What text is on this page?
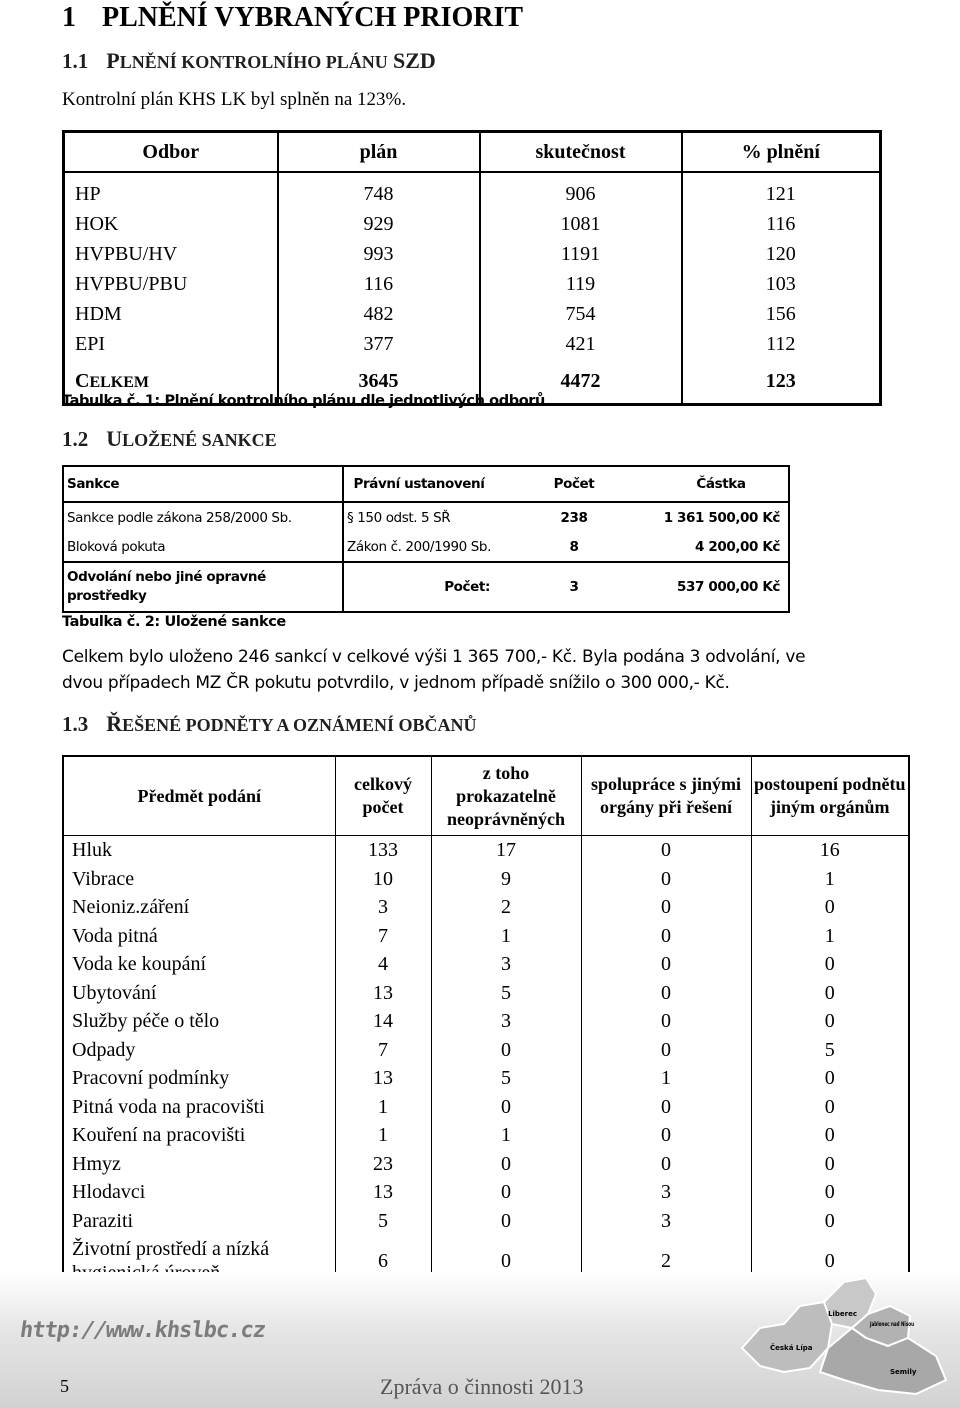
1 PLNĚNÍ VYBRANÝCH PRIORIT
1.1 PLNĚNÍ KONTROLNÍHO PLÁNU SZD
Kontrolní plán KHS LK byl splněn na 123%.
Odbor	plán	skutečnost	% plnění
HP	748	906	121
HOK	929	1081	116
HVPBU/HV	993	1191	120
HVPBU/PBU	116	119	103
HDM	482	754	156
EPI	377	421	112
CELKEM	3645	4472	123
Tabulka č. 1: Plnění kontrolního plánu dle jednotlivých odborů
1.2 ULOŽENÉ SANKCE
Sankce	Právní ustanovení	Počet	Částka
Sankce podle zákona 258/2000 Sb.	§ 150 odst. 5 SŘ	238	1 361 500,00 Kč
Bloková pokuta	Zákon č. 200/1990 Sb.	8	4 200,00 Kč
Odvolání nebo jiné opravné prostředky	Počet:	3	537 000,00 Kč
Tabulka č. 2: Uložené sankce
Celkem bylo uloženo 246 sankcí v celkové výši 1 365 700,- Kč. Byla podána 3 odvolání, ve
dvou případech MZ ČR pokutu potvrdilo, v jednom případě snížilo o 300 000,- Kč.
1.3 ŘEŠENÉ PODNĚTY A OZNÁMENÍ OBČANŮ
Předmět podání	celkový počet	z toho prokazatelně neoprávněných	spolupráce s jinými orgány při řešení	postoupení podnětu jiným orgánům
Hluk	133	17	0	16
Vibrace	10	9	0	1
Neioniz.záření	3	2	0	0
Voda pitná	7	1	0	1
Voda ke koupání	4	3	0	0
Ubytování	13	5	0	0
Služby péče o tělo	14	3	0	0
Odpady	7	0	0	5
Pracovní podmínky	13	5	1	0
Pitná voda na pracovišti	1	0	0	0
Kouření na pracovišti	1	1	0	0
Hmyz	23	0	0	0
Hlodavci	13	0	3	0
Paraziti	5	0	3	0
Životní prostředí a nízká	6	0	2	0
http://www.khslbc.cz
Liberec
Jablonec nad Nisou
Česká Lípa
Semily
5	Zpráva o činnosti 2013
